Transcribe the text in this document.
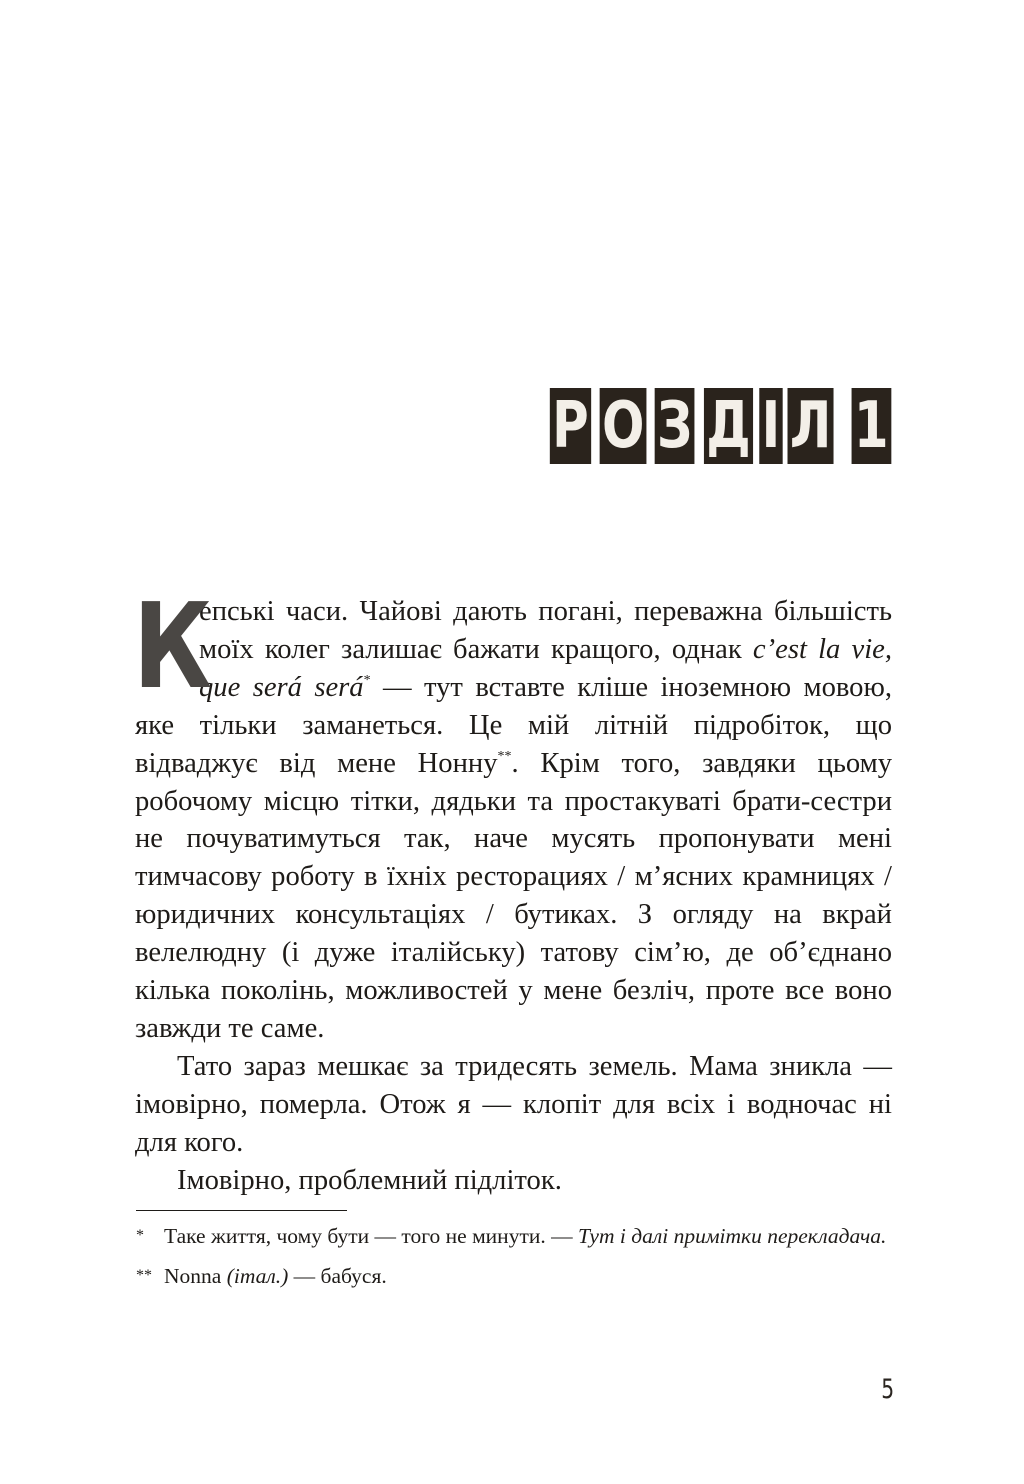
Р О З Д І Л 1

К
епські часи. Чайові дають погані, переважна більшість моїх колег залишає бажати кращого, однак c’est la vie, que será será* — тут вставте кліше іноземною мовою, яке тільки заманеться. Це мій літній підробіток, що відваджує від мене Нонну**. Крім того, завдяки цьому робочому місцю тітки, дядьки та простакуваті брати-сестри не почуватимуться так, наче мусять пропонувати мені тимчасову роботу в їхніх ресторациях / м’ясних крамницях / юридичних консультаціях / бутиках. З огляду на вкрай велелюдну (і дуже італійську) татову сім’ю, де об’єднано кілька поколінь, можливостей у мене безліч, проте все воно завжди те саме.

Тато зараз мешкає за тридесять земель. Мама зникла — імовірно, померла. Отож я — клопіт для всіх і водночас ні для кого.

Імовірно, проблемний підліток.

* Таке життя, чому бути — того не минути. — Тут і далі примітки перекладача.
** Nonna (італ.) — бабуся.
5
